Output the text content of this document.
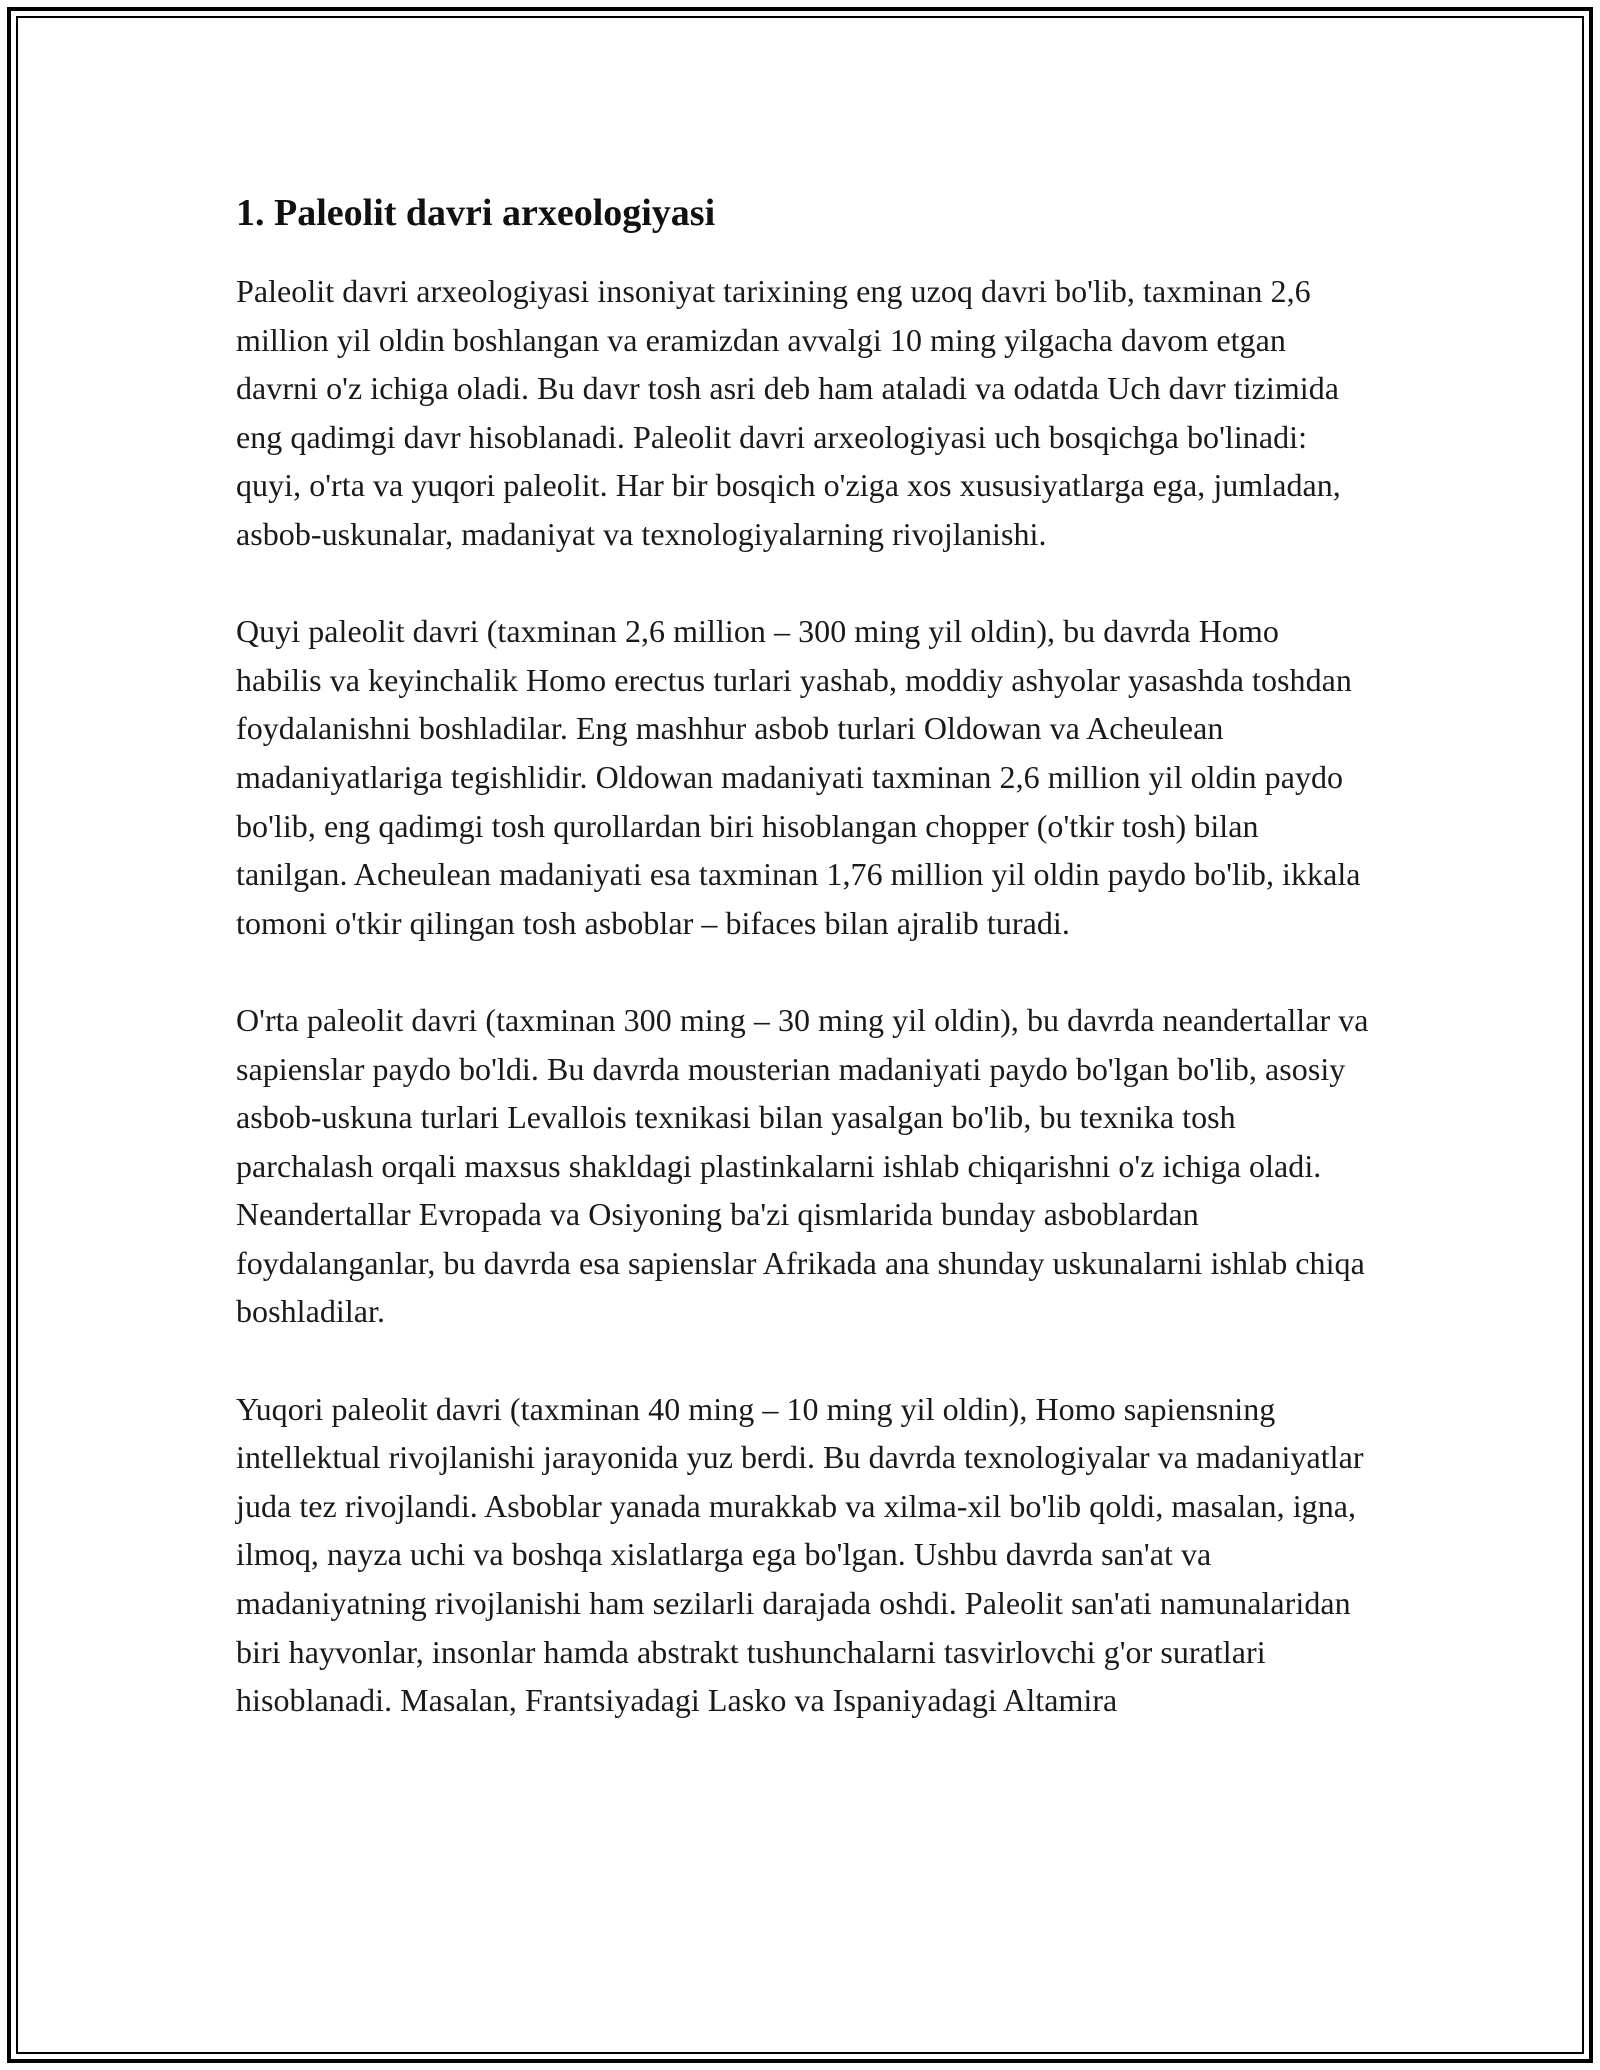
1. Paleolit davri arxeologiyasi

Paleolit davri arxeologiyasi insoniyat tarixining eng uzoq davri bo'lib, taxminan 2,6 million yil oldin boshlangan va eramizdan avvalgi 10 ming yilgacha davom etgan davrni o'z ichiga oladi. Bu davr tosh asri deb ham ataladi va odatda Uch davr tizimida eng qadimgi davr hisoblanadi. Paleolit davri arxeologiyasi uch bosqichga bo'linadi: quyi, o'rta va yuqori paleolit. Har bir bosqich o'ziga xos xususiyatlarga ega, jumladan, asbob-uskunalar, madaniyat va texnologiyalarning rivojlanishi.

Quyi paleolit davri (taxminan 2,6 million – 300 ming yil oldin), bu davrda Homo habilis va keyinchalik Homo erectus turlari yashab, moddiy ashyolar yasashda toshdan foydalanishni boshladilar. Eng mashhur asbob turlari Oldowan va Acheulean madaniyatlariga tegishlidir. Oldowan madaniyati taxminan 2,6 million yil oldin paydo bo'lib, eng qadimgi tosh qurollardan biri hisoblangan chopper (o'tkir tosh) bilan tanilgan. Acheulean madaniyati esa taxminan 1,76 million yil oldin paydo bo'lib, ikkala tomoni o'tkir qilingan tosh asboblar – bifaces bilan ajralib turadi.

O'rta paleolit davri (taxminan 300 ming – 30 ming yil oldin), bu davrda neandertallar va sapienslar paydo bo'ldi. Bu davrda mousterian madaniyati paydo bo'lgan bo'lib, asosiy asbob-uskuna turlari Levallois texnikasi bilan yasalgan bo'lib, bu texnika tosh parchalash orqali maxsus shakldagi plastinkalarni ishlab chiqarishni o'z ichiga oladi. Neandertallar Evropada va Osiyoning ba'zi qismlarida bunday asboblardan foydalanganlar, bu davrda esa sapienslar Afrikada ana shunday uskunalarni ishlab chiqa boshladilar.

Yuqori paleolit davri (taxminan 40 ming – 10 ming yil oldin), Homo sapiensning intellektual rivojlanishi jarayonida yuz berdi. Bu davrda texnologiyalar va madaniyatlar juda tez rivojlandi. Asboblar yanada murakkab va xilma-xil bo'lib qoldi, masalan, igna, ilmoq, nayza uchi va boshqa xislatlarga ega bo'lgan. Ushbu davrda san'at va madaniyatning rivojlanishi ham sezilarli darajada oshdi. Paleolit san'ati namunalaridan biri hayvonlar, insonlar hamda abstrakt tushunchalarni tasvirlovchi g'or suratlari hisoblanadi. Masalan, Frantsiyadagi Lasko va Ispaniyadagi Altamira
